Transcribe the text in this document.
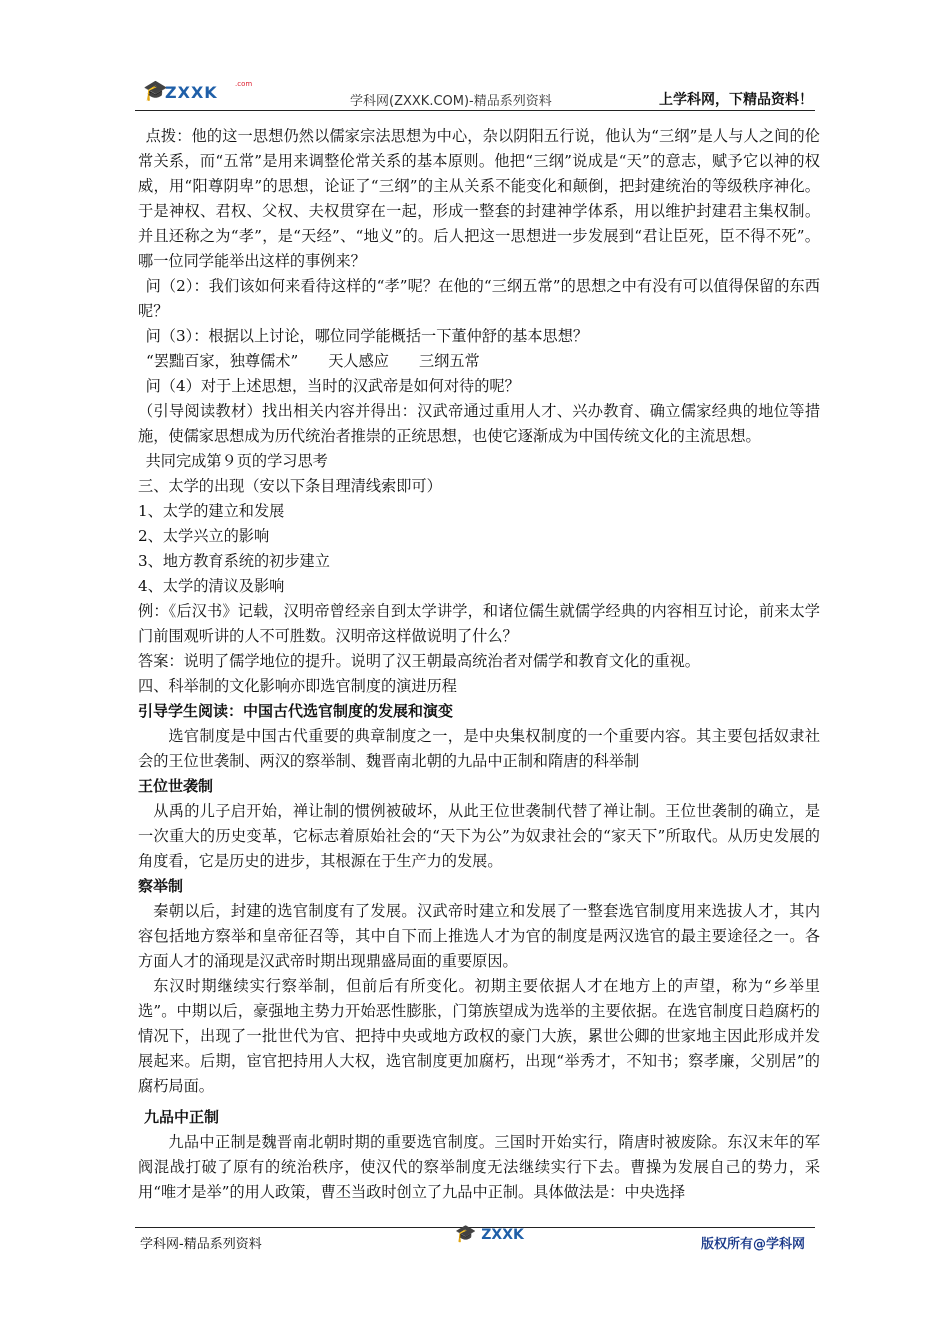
🎓
ZXXK .com
学科网(ZXXK.COM)-精品系列资料	上学科网，下精品资料！

点拨：他的这一思想仍然以儒家宗法思想为中心，杂以阴阳五行说，他认为“三纲”是人与人之间的伦常关系，而“五常”是用来调整伦常关系的基本原则。他把“三纲”说成是“天”的意志，赋予它以神的权威，用“阳尊阴卑”的思想，论证了“三纲”的主从关系不能变化和颠倒，把封建统治的等级秩序神化。于是神权、君权、父权、夫权贯穿在一起，形成一整套的封建神学体系，用以维护封建君主集权制。并且还称之为“孝”，是“天经”、“地义”的。后人把这一思想进一步发展到“君让臣死，臣不得不死”。哪一位同学能举出这样的事例来？

问（2）：我们该如何来看待这样的“孝”呢？在他的“三纲五常”的思想之中有没有可以值得保留的东西呢？

问（3）：根据以上讨论，哪位同学能概括一下董仲舒的基本思想？

“罢黜百家，独尊儒术” 天人感应 三纲五常

问（4）对于上述思想，当时的汉武帝是如何对待的呢？

（引导阅读教材）找出相关内容并得出：汉武帝通过重用人才、兴办教育、确立儒家经典的地位等措施，使儒家思想成为历代统治者推崇的正统思想，也使它逐渐成为中国传统文化的主流思想。

共同完成第９页的学习思考

三、太学的出现（安以下条目理清线索即可）

1、太学的建立和发展

2、太学兴立的影响

3、地方教育系统的初步建立

4、太学的清议及影响

例：《后汉书》记载，汉明帝曾经亲自到太学讲学，和诸位儒生就儒学经典的内容相互讨论，前来太学门前围观听讲的人不可胜数。汉明帝这样做说明了什么？

答案：说明了儒学地位的提升。说明了汉王朝最高统治者对儒学和教育文化的重视。

四、科举制的文化影响亦即选官制度的演进历程

引导学生阅读：中国古代选官制度的发展和演变

选官制度是中国古代重要的典章制度之一，是中央集权制度的一个重要内容。其主要包括奴隶社会的王位世袭制、两汉的察举制、魏晋南北朝的九品中正制和隋唐的科举制

王位世袭制

从禹的儿子启开始，禅让制的惯例被破坏，从此王位世袭制代替了禅让制。王位世袭制的确立，是一次重大的历史变革，它标志着原始社会的“天下为公”为奴隶社会的“家天下”所取代。从历史发展的角度看，它是历史的进步，其根源在于生产力的发展。

察举制

秦朝以后，封建的选官制度有了发展。汉武帝时建立和发展了一整套选官制度用来选拔人才，其内容包括地方察举和皇帝征召等，其中自下而上推选人才为官的制度是两汉选官的最主要途径之一。各方面人才的涌现是汉武帝时期出现鼎盛局面的重要原因。

东汉时期继续实行察举制，但前后有所变化。初期主要依据人才在地方上的声望，称为“乡举里选”。中期以后，豪强地主势力开始恶性膨胀，门第族望成为选举的主要依据。在选官制度日趋腐朽的情况下，出现了一批世代为官、把持中央或地方政权的豪门大族，累世公卿的世家地主因此形成并发展起来。后期，宦官把持用人大权，选官制度更加腐朽，出现“举秀才，不知书；察孝廉，父别居”的腐朽局面。

九品中正制

九品中正制是魏晋南北朝时期的重要选官制度。三国时开始实行，隋唐时被废除。东汉末年的军阀混战打破了原有的统治秩序，使汉代的察举制度无法继续实行下去。曹操为发展自己的势力，采用“唯才是举”的用人政策，曹丕当政时创立了九品中正制。具体做法是：中央选择

学科网-精品系列资料
🎓 ZXXK
版权所有@学科网
